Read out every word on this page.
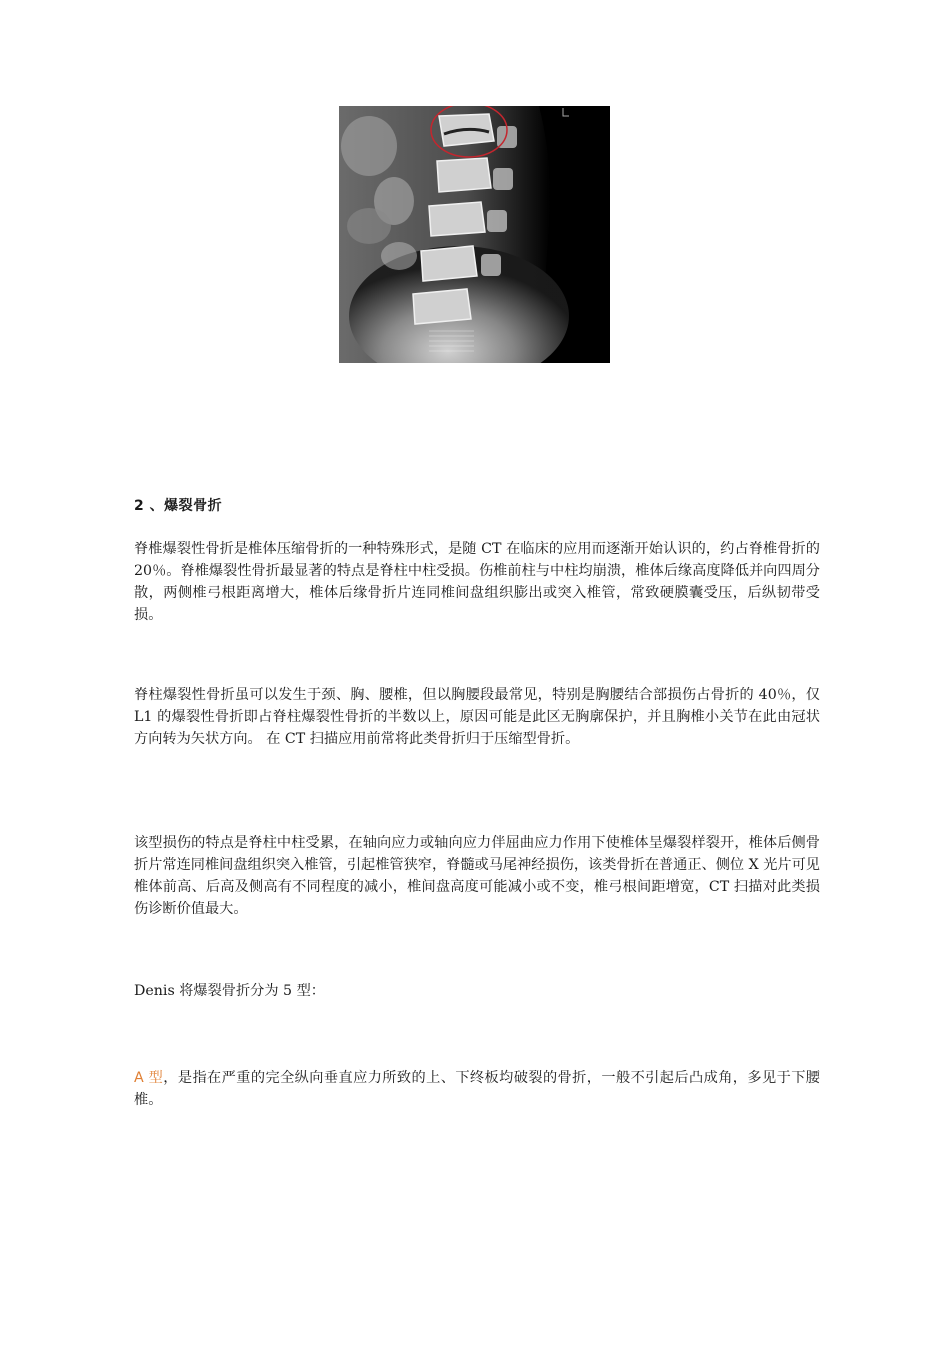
2 、爆裂骨折
脊椎爆裂性骨折是椎体压缩骨折的一种特殊形式，是随 CT 在临床的应用而逐渐开始认识的，约占脊椎骨折的 20％。脊椎爆裂性骨折最显著的特点是脊柱中柱受损。伤椎前柱与中柱均崩溃，椎体后缘高度降低并向四周分散，两侧椎弓根距离增大，椎体后缘骨折片连同椎间盘组织膨出或突入椎管，常致硬膜囊受压，后纵韧带受损。
脊柱爆裂性骨折虽可以发生于颈、胸、腰椎，但以胸腰段最常见，特别是胸腰结合部损伤占骨折的 40％，仅 L1 的爆裂性骨折即占脊柱爆裂性骨折的半数以上，原因可能是此区无胸廓保护，并且胸椎小关节在此由冠状方向转为矢状方向。 在 CT 扫描应用前常将此类骨折归于压缩型骨折。
该型损伤的特点是脊柱中柱受累，在轴向应力或轴向应力伴屈曲应力作用下使椎体呈爆裂样裂开，椎体后侧骨折片常连同椎间盘组织突入椎管，引起椎管狭窄，脊髓或马尾神经损伤，该类骨折在普通正、侧位 X 光片可见椎体前高、后高及侧高有不同程度的减小，椎间盘高度可能减小或不变，椎弓根间距增宽，CT 扫描对此类损伤诊断价值最大。
Denis 将爆裂骨折分为 5 型：
A 型，是指在严重的完全纵向垂直应力所致的上、下终板均破裂的骨折，一般不引起后凸成角，多见于下腰椎。
